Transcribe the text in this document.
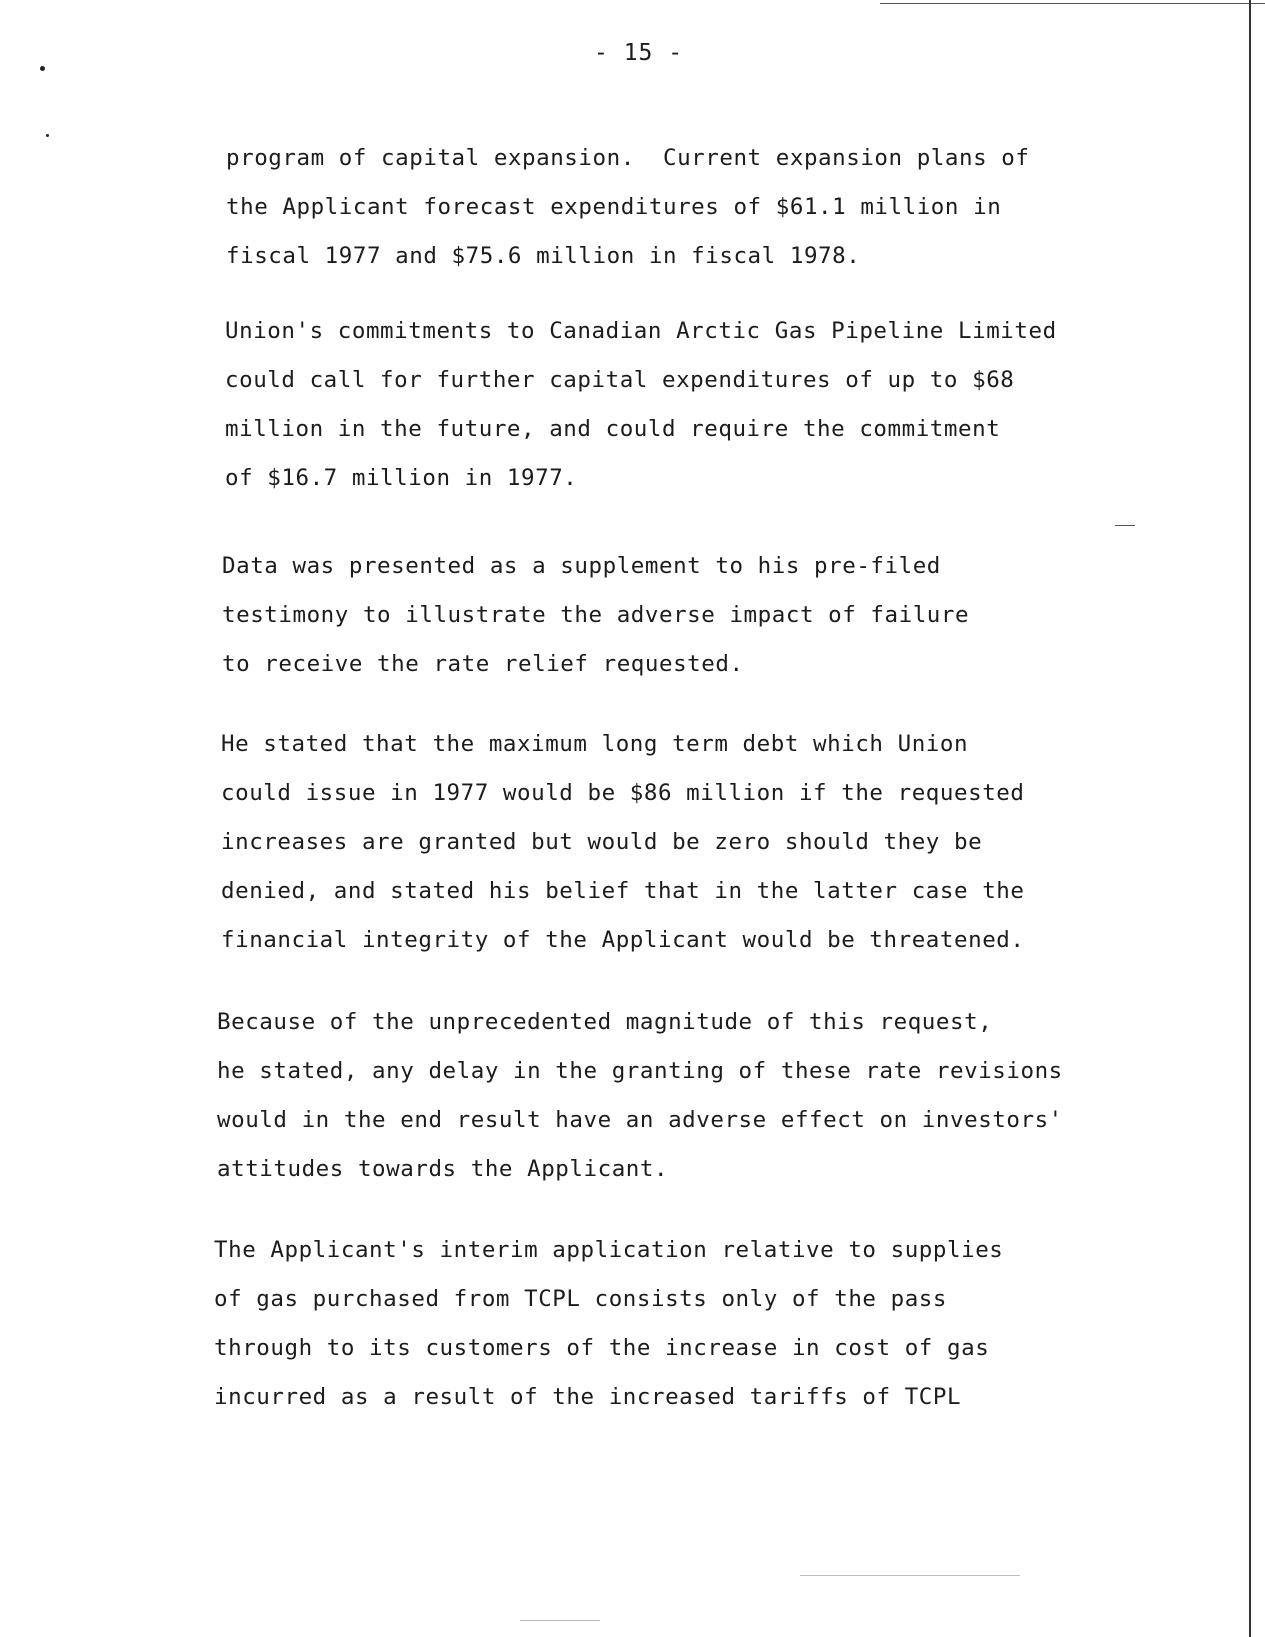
- 15 -
program of capital expansion.  Current expansion plans of
the Applicant forecast expenditures of $61.1 million in
fiscal 1977 and $75.6 million in fiscal 1978.
Union's commitments to Canadian Arctic Gas Pipeline Limited
could call for further capital expenditures of up to $68
million in the future, and could require the commitment
of $16.7 million in 1977.
Data was presented as a supplement to his pre-filed
testimony to illustrate the adverse impact of failure
to receive the rate relief requested.
He stated that the maximum long term debt which Union
could issue in 1977 would be $86 million if the requested
increases are granted but would be zero should they be
denied, and stated his belief that in the latter case the
financial integrity of the Applicant would be threatened.
Because of the unprecedented magnitude of this request,
he stated, any delay in the granting of these rate revisions
would in the end result have an adverse effect on investors'
attitudes towards the Applicant.
The Applicant's interim application relative to supplies
of gas purchased from TCPL consists only of the pass
through to its customers of the increase in cost of gas
incurred as a result of the increased tariffs of TCPL
